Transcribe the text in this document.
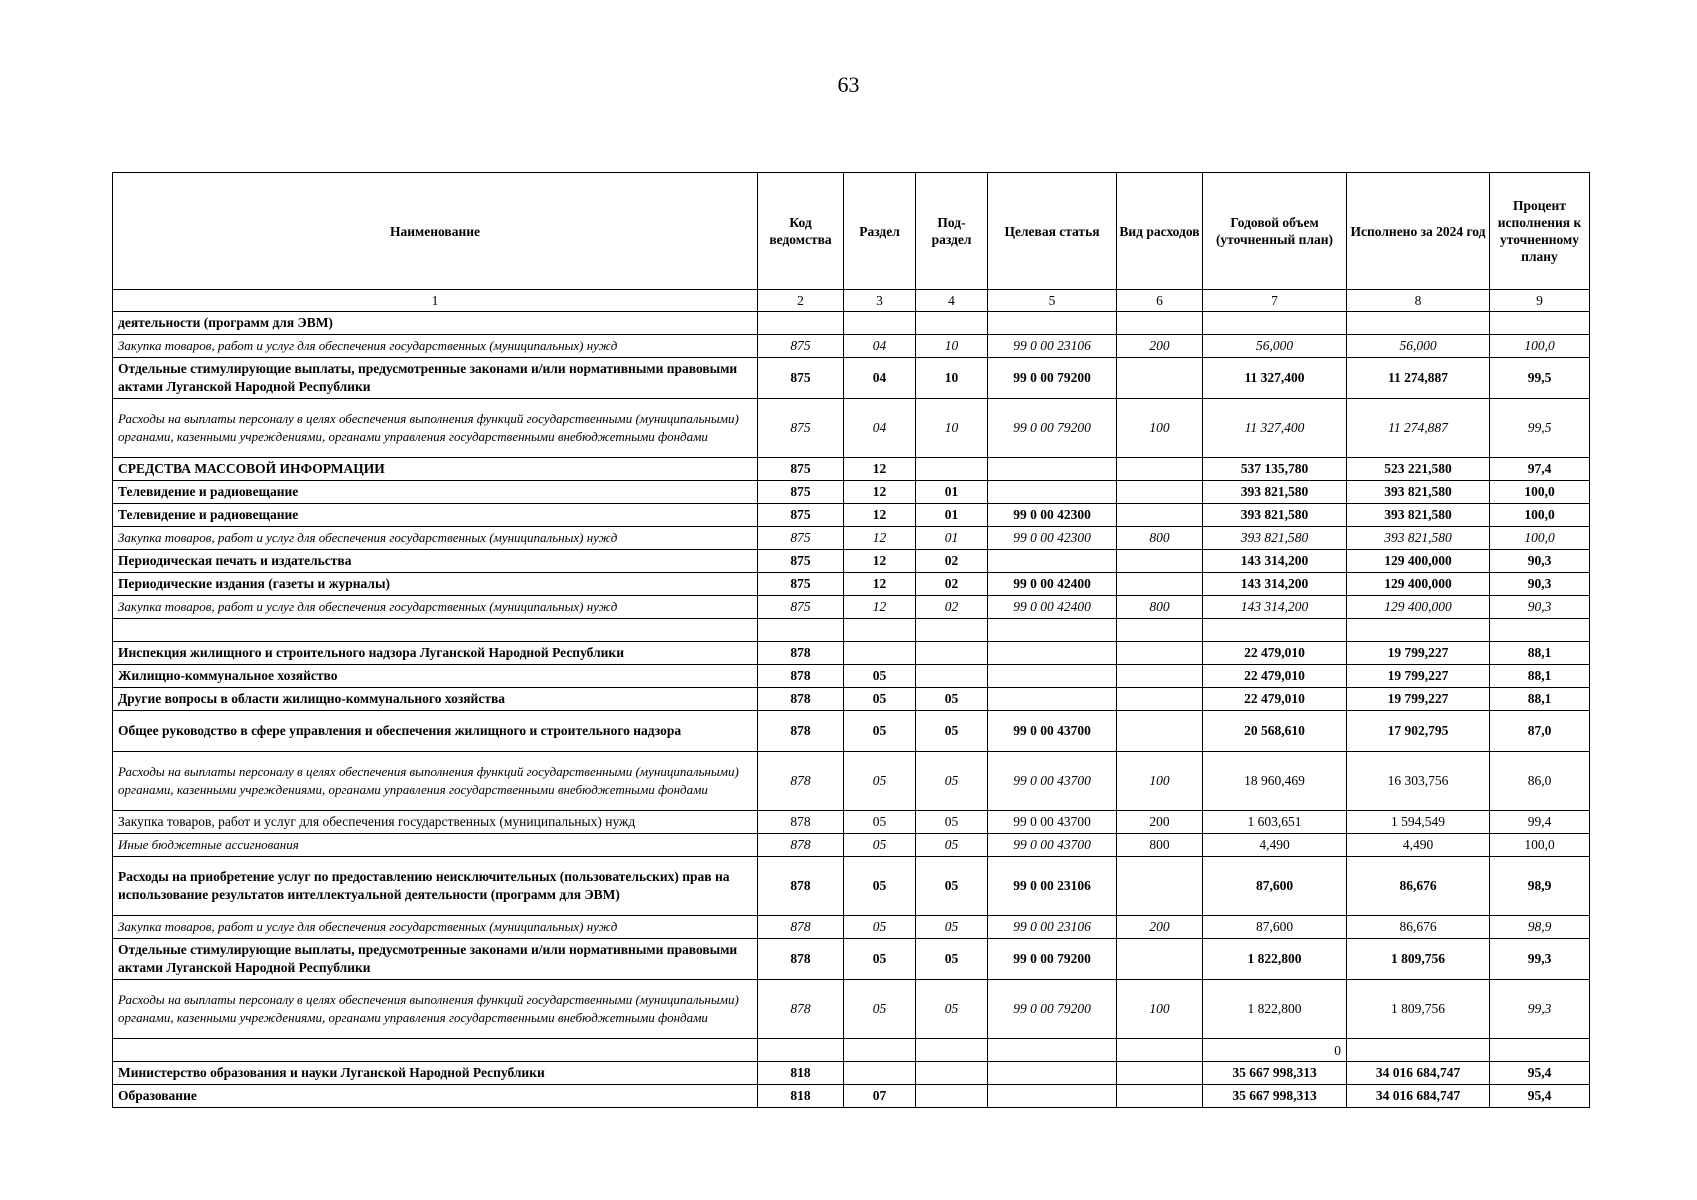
63
Наименование	Код ведомства	Раздел	Под-раздел	Целевая статья	Вид расходов	Годовой объем (уточненный план)	Исполнено за 2024 год	Процент исполнения к уточненному плану
1	2	3	4	5	6	7	8	9
деятельности (программ для ЭВМ)								
Закупка товаров, работ и услуг для обеспечения государственных (муниципальных) нужд	875	04	10	99 0 00 23106	200	56,000	56,000	100,0
Отдельные стимулирующие выплаты, предусмотренные законами и/или нормативными правовыми актами Луганской Народной Республики	875	04	10	99 0 00 79200		11 327,400	11 274,887	99,5
Расходы на выплаты персоналу в целях обеспечения выполнения функций государственными (муниципальными) органами, казенными учреждениями, органами управления государственными внебюджетными фондами	875	04	10	99 0 00 79200	100	11 327,400	11 274,887	99,5
СРЕДСТВА МАССОВОЙ ИНФОРМАЦИИ	875	12				537 135,780	523 221,580	97,4
Телевидение и радиовещание	875	12	01			393 821,580	393 821,580	100,0
Телевидение и радиовещание	875	12	01	99 0 00 42300		393 821,580	393 821,580	100,0
Закупка товаров, работ и услуг для обеспечения государственных (муниципальных) нужд	875	12	01	99 0 00 42300	800	393 821,580	393 821,580	100,0
Периодическая печать и издательства	875	12	02			143 314,200	129 400,000	90,3
Периодические издания (газеты и журналы)	875	12	02	99 0 00 42400		143 314,200	129 400,000	90,3
Закупка товаров, работ и услуг для обеспечения государственных (муниципальных) нужд	875	12	02	99 0 00 42400	800	143 314,200	129 400,000	90,3

Инспекция жилищного и строительного надзора Луганской Народной Республики	878					22 479,010	19 799,227	88,1
Жилищно-коммунальное хозяйство	878	05				22 479,010	19 799,227	88,1
Другие вопросы в области жилищно-коммунального хозяйства	878	05	05			22 479,010	19 799,227	88,1
Общее руководство в сфере управления и обеспечения жилищного и строительного надзора	878	05	05	99 0 00 43700		20 568,610	17 902,795	87,0
Расходы на выплаты персоналу в целях обеспечения выполнения функций государственными (муниципальными) органами, казенными учреждениями, органами управления государственными внебюджетными фондами	878	05	05	99 0 00 43700	100	18 960,469	16 303,756	86,0
Закупка товаров, работ и услуг для обеспечения государственных (муниципальных) нужд	878	05	05	99 0 00 43700	200	1 603,651	1 594,549	99,4
Иные бюджетные ассигнования	878	05	05	99 0 00 43700	800	4,490	4,490	100,0
Расходы на приобретение услуг по предоставлению неисключительных (пользовательских) прав на использование результатов интеллектуальной деятельности (программ для ЭВМ)	878	05	05	99 0 00 23106		87,600	86,676	98,9
Закупка товаров, работ и услуг для обеспечения государственных (муниципальных) нужд	878	05	05	99 0 00 23106	200	87,600	86,676	98,9
Отдельные стимулирующие выплаты, предусмотренные законами и/или нормативными правовыми актами Луганской Народной Республики	878	05	05	99 0 00 79200		1 822,800	1 809,756	99,3
Расходы на выплаты персоналу в целях обеспечения выполнения функций государственными (муниципальными) органами, казенными учреждениями, органами управления государственными внебюджетными фондами	878	05	05	99 0 00 79200	100	1 822,800	1 809,756	99,3
						0		
Министерство образования и науки Луганской Народной Республики	818					35 667 998,313	34 016 684,747	95,4
Образование	818	07				35 667 998,313	34 016 684,747	95,4
